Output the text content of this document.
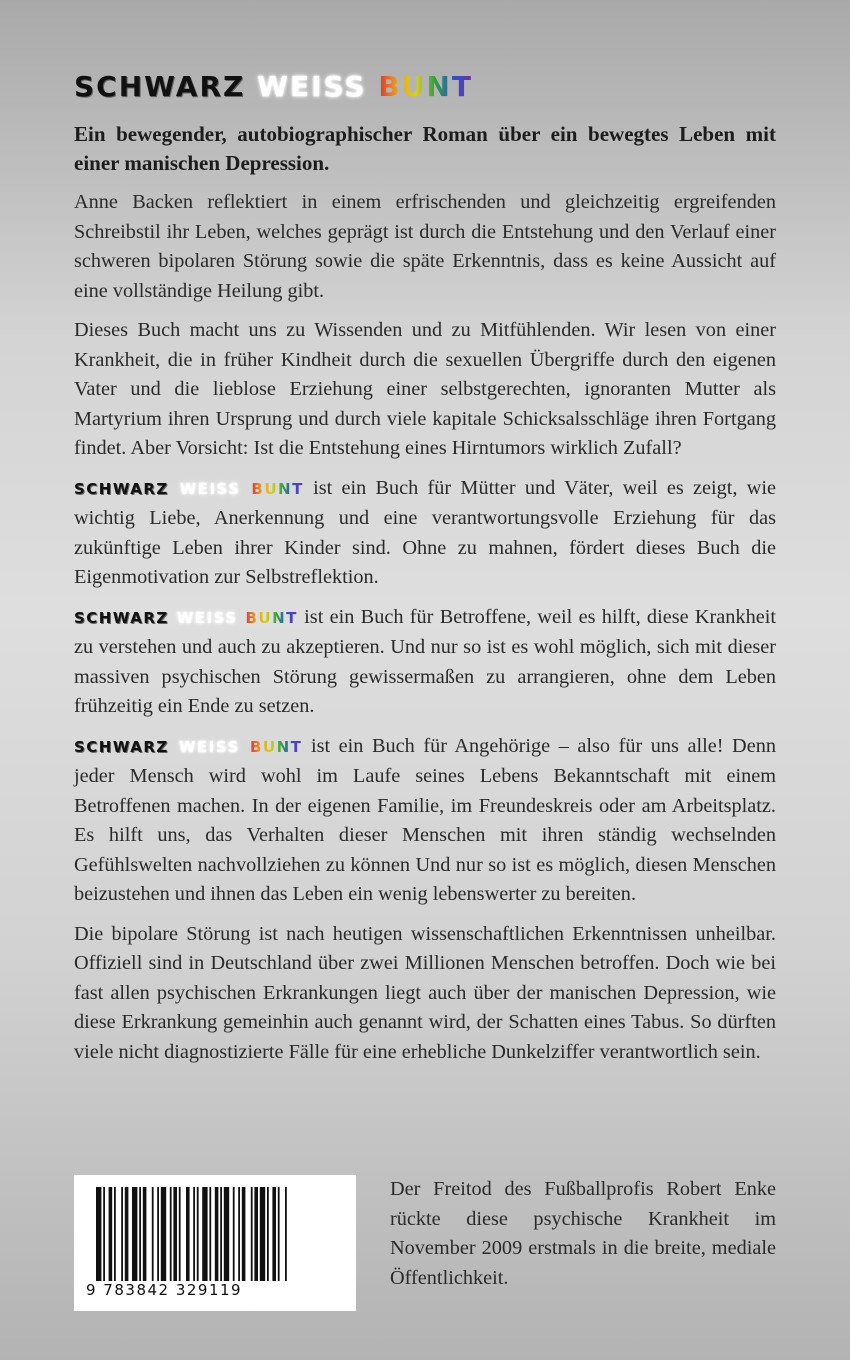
SCHWARZ WEISS BUNT
Ein bewegender, autobiographischer Roman über ein bewegtes Leben mit einer manischen Depression.

Anne Backen reflektiert in einem erfrischenden und gleichzeitig ergreifenden Schreibstil ihr Leben, welches geprägt ist durch die Entstehung und den Verlauf einer schweren bipolaren Störung sowie die späte Erkenntnis, dass es keine Aussicht auf eine vollständige Heilung gibt.

Dieses Buch macht uns zu Wissenden und zu Mitfühlenden. Wir lesen von einer Krankheit, die in früher Kindheit durch die sexuellen Übergriffe durch den eigenen Vater und die lieblose Erziehung einer selbstgerechten, ignoranten Mutter als Martyrium ihren Ursprung und durch viele kapitale Schicksalsschläge ihren Fortgang findet. Aber Vorsicht: Ist die Entstehung eines Hirntumors wirklich Zufall?

SCHWARZ WEISS BUNT ist ein Buch für Mütter und Väter, weil es zeigt, wie wichtig Liebe, Anerkennung und eine verantwortungsvolle Erziehung für das zukünftige Leben ihrer Kinder sind. Ohne zu mahnen, fördert dieses Buch die Eigenmotivation zur Selbstreflektion.

SCHWARZ WEISS BUNT ist ein Buch für Betroffene, weil es hilft, diese Krankheit zu verstehen und auch zu akzeptieren. Und nur so ist es wohl möglich, sich mit dieser massiven psychischen Störung gewissermaßen zu arrangieren, ohne dem Leben frühzeitig ein Ende zu setzen.

SCHWARZ WEISS BUNT ist ein Buch für Angehörige – also für uns alle! Denn jeder Mensch wird wohl im Laufe seines Lebens Bekanntschaft mit einem Betroffenen machen. In der eigenen Familie, im Freundeskreis oder am Arbeitsplatz. Es hilft uns, das Verhalten dieser Menschen mit ihren ständig wechselnden Gefühlswelten nachvollziehen zu können Und nur so ist es möglich, diesen Menschen beizustehen und ihnen das Leben ein wenig lebenswerter zu bereiten.

Die bipolare Störung ist nach heutigen wissenschaftlichen Erkenntnissen unheilbar. Offiziell sind in Deutschland über zwei Millionen Menschen betroffen. Doch wie bei fast allen psychischen Erkrankungen liegt auch über der manischen Depression, wie diese Erkrankung gemeinhin auch genannt wird, der Schatten eines Tabus. So dürften viele nicht diagnostizierte Fälle für eine erhebliche Dunkelziffer verantwortlich sein.

9 783842 329119
Der Freitod des Fußballprofis Robert Enke rückte diese psychische Krankheit im November 2009 erstmals in die breite, mediale Öffentlichkeit.
